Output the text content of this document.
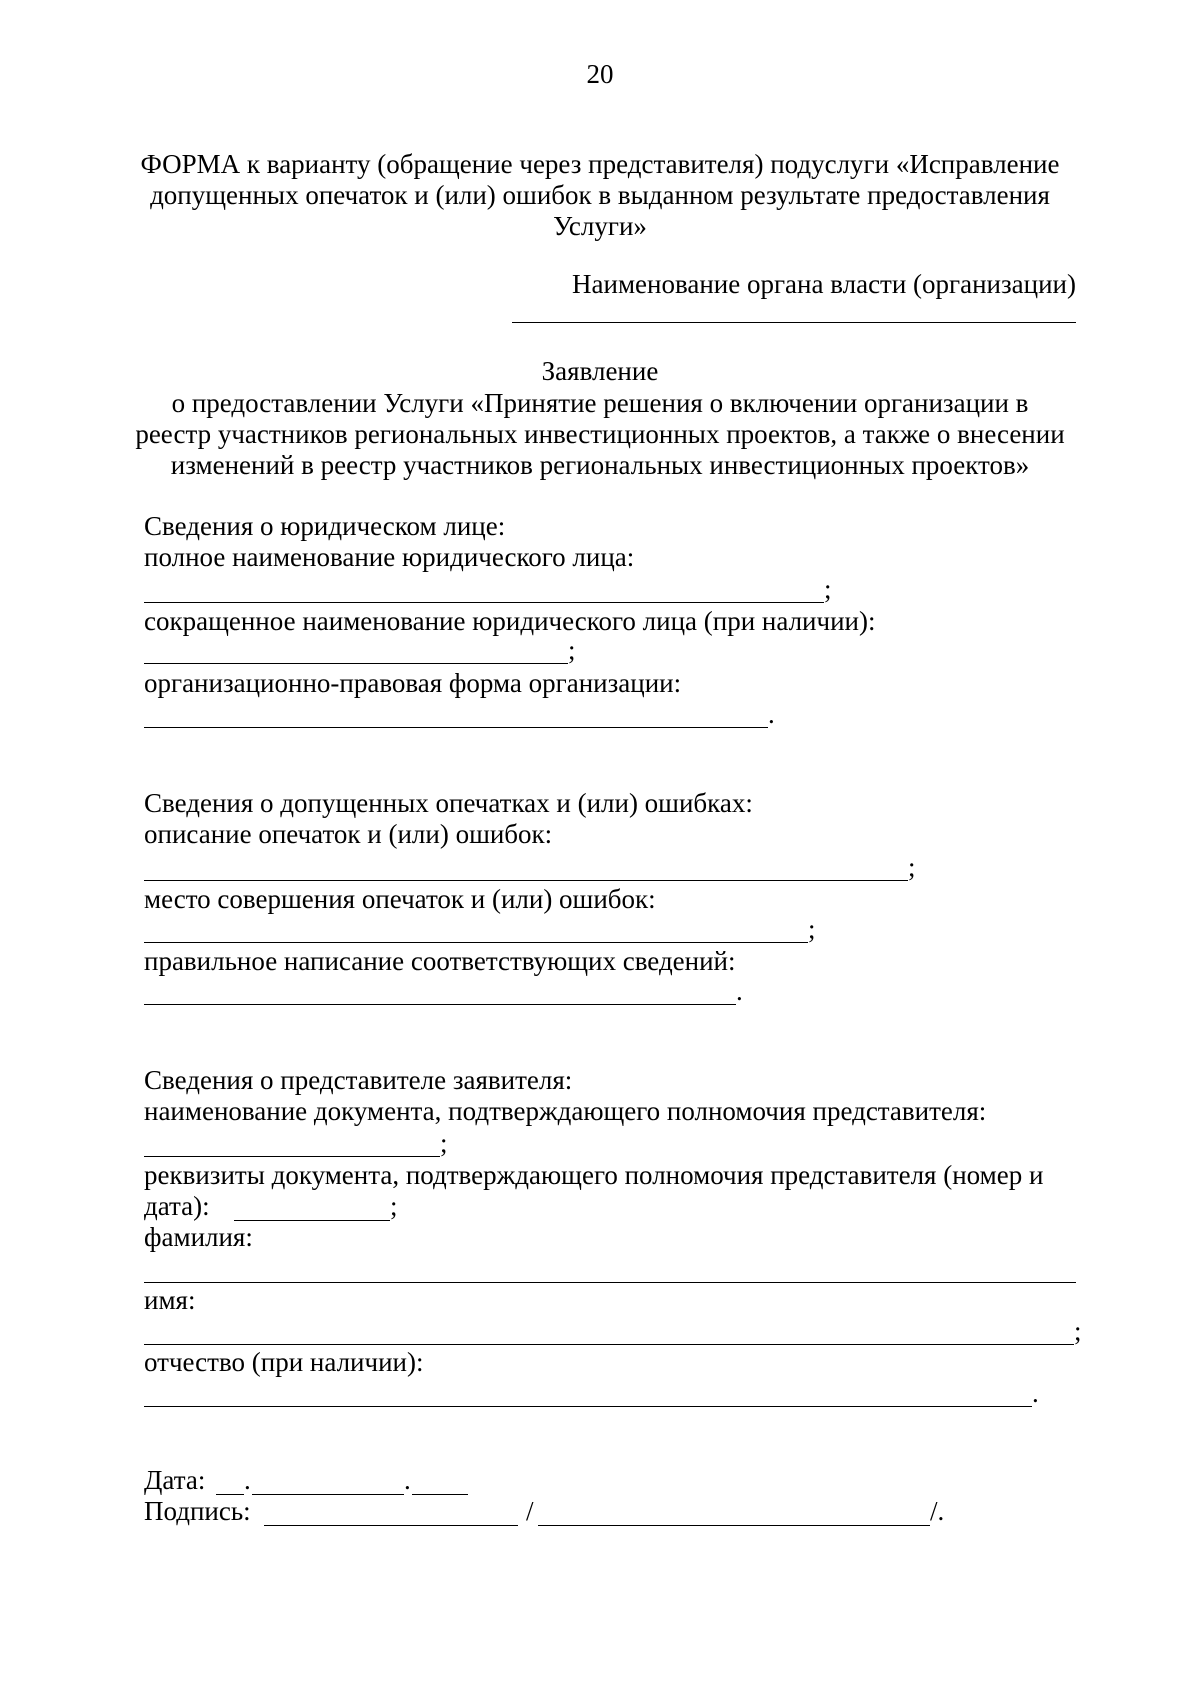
20
ФОРМА к варианту (обращение через представителя) подуслуги «Исправление
допущенных опечаток и (или) ошибок в выданном результате предоставления
Услуги»
Наименование органа власти (организации)
Заявление
о предоставлении Услуги «Принятие решения о включении организации в
реестр участников региональных инвестиционных проектов, а также о внесении
изменений в реестр участников региональных инвестиционных проектов»
Сведения о юридическом лице:
полное наименование юридического лица:
;
сокращенное наименование юридического лица (при наличии):
;
организационно-правовая форма организации:
.
Сведения о допущенных опечатках и (или) ошибках:
описание опечаток и (или) ошибок:
;
место совершения опечаток и (или) ошибок:
;
правильное написание соответствующих сведений:
.
Сведения о представителе заявителя:
наименование документа, подтверждающего полномочия представителя:
;
реквизиты документа, подтверждающего полномочия представителя (номер и
дата):	;
фамилия:
имя:
;
отчество (при наличии):
.
Дата: .	.
Подпись:	/	/.
